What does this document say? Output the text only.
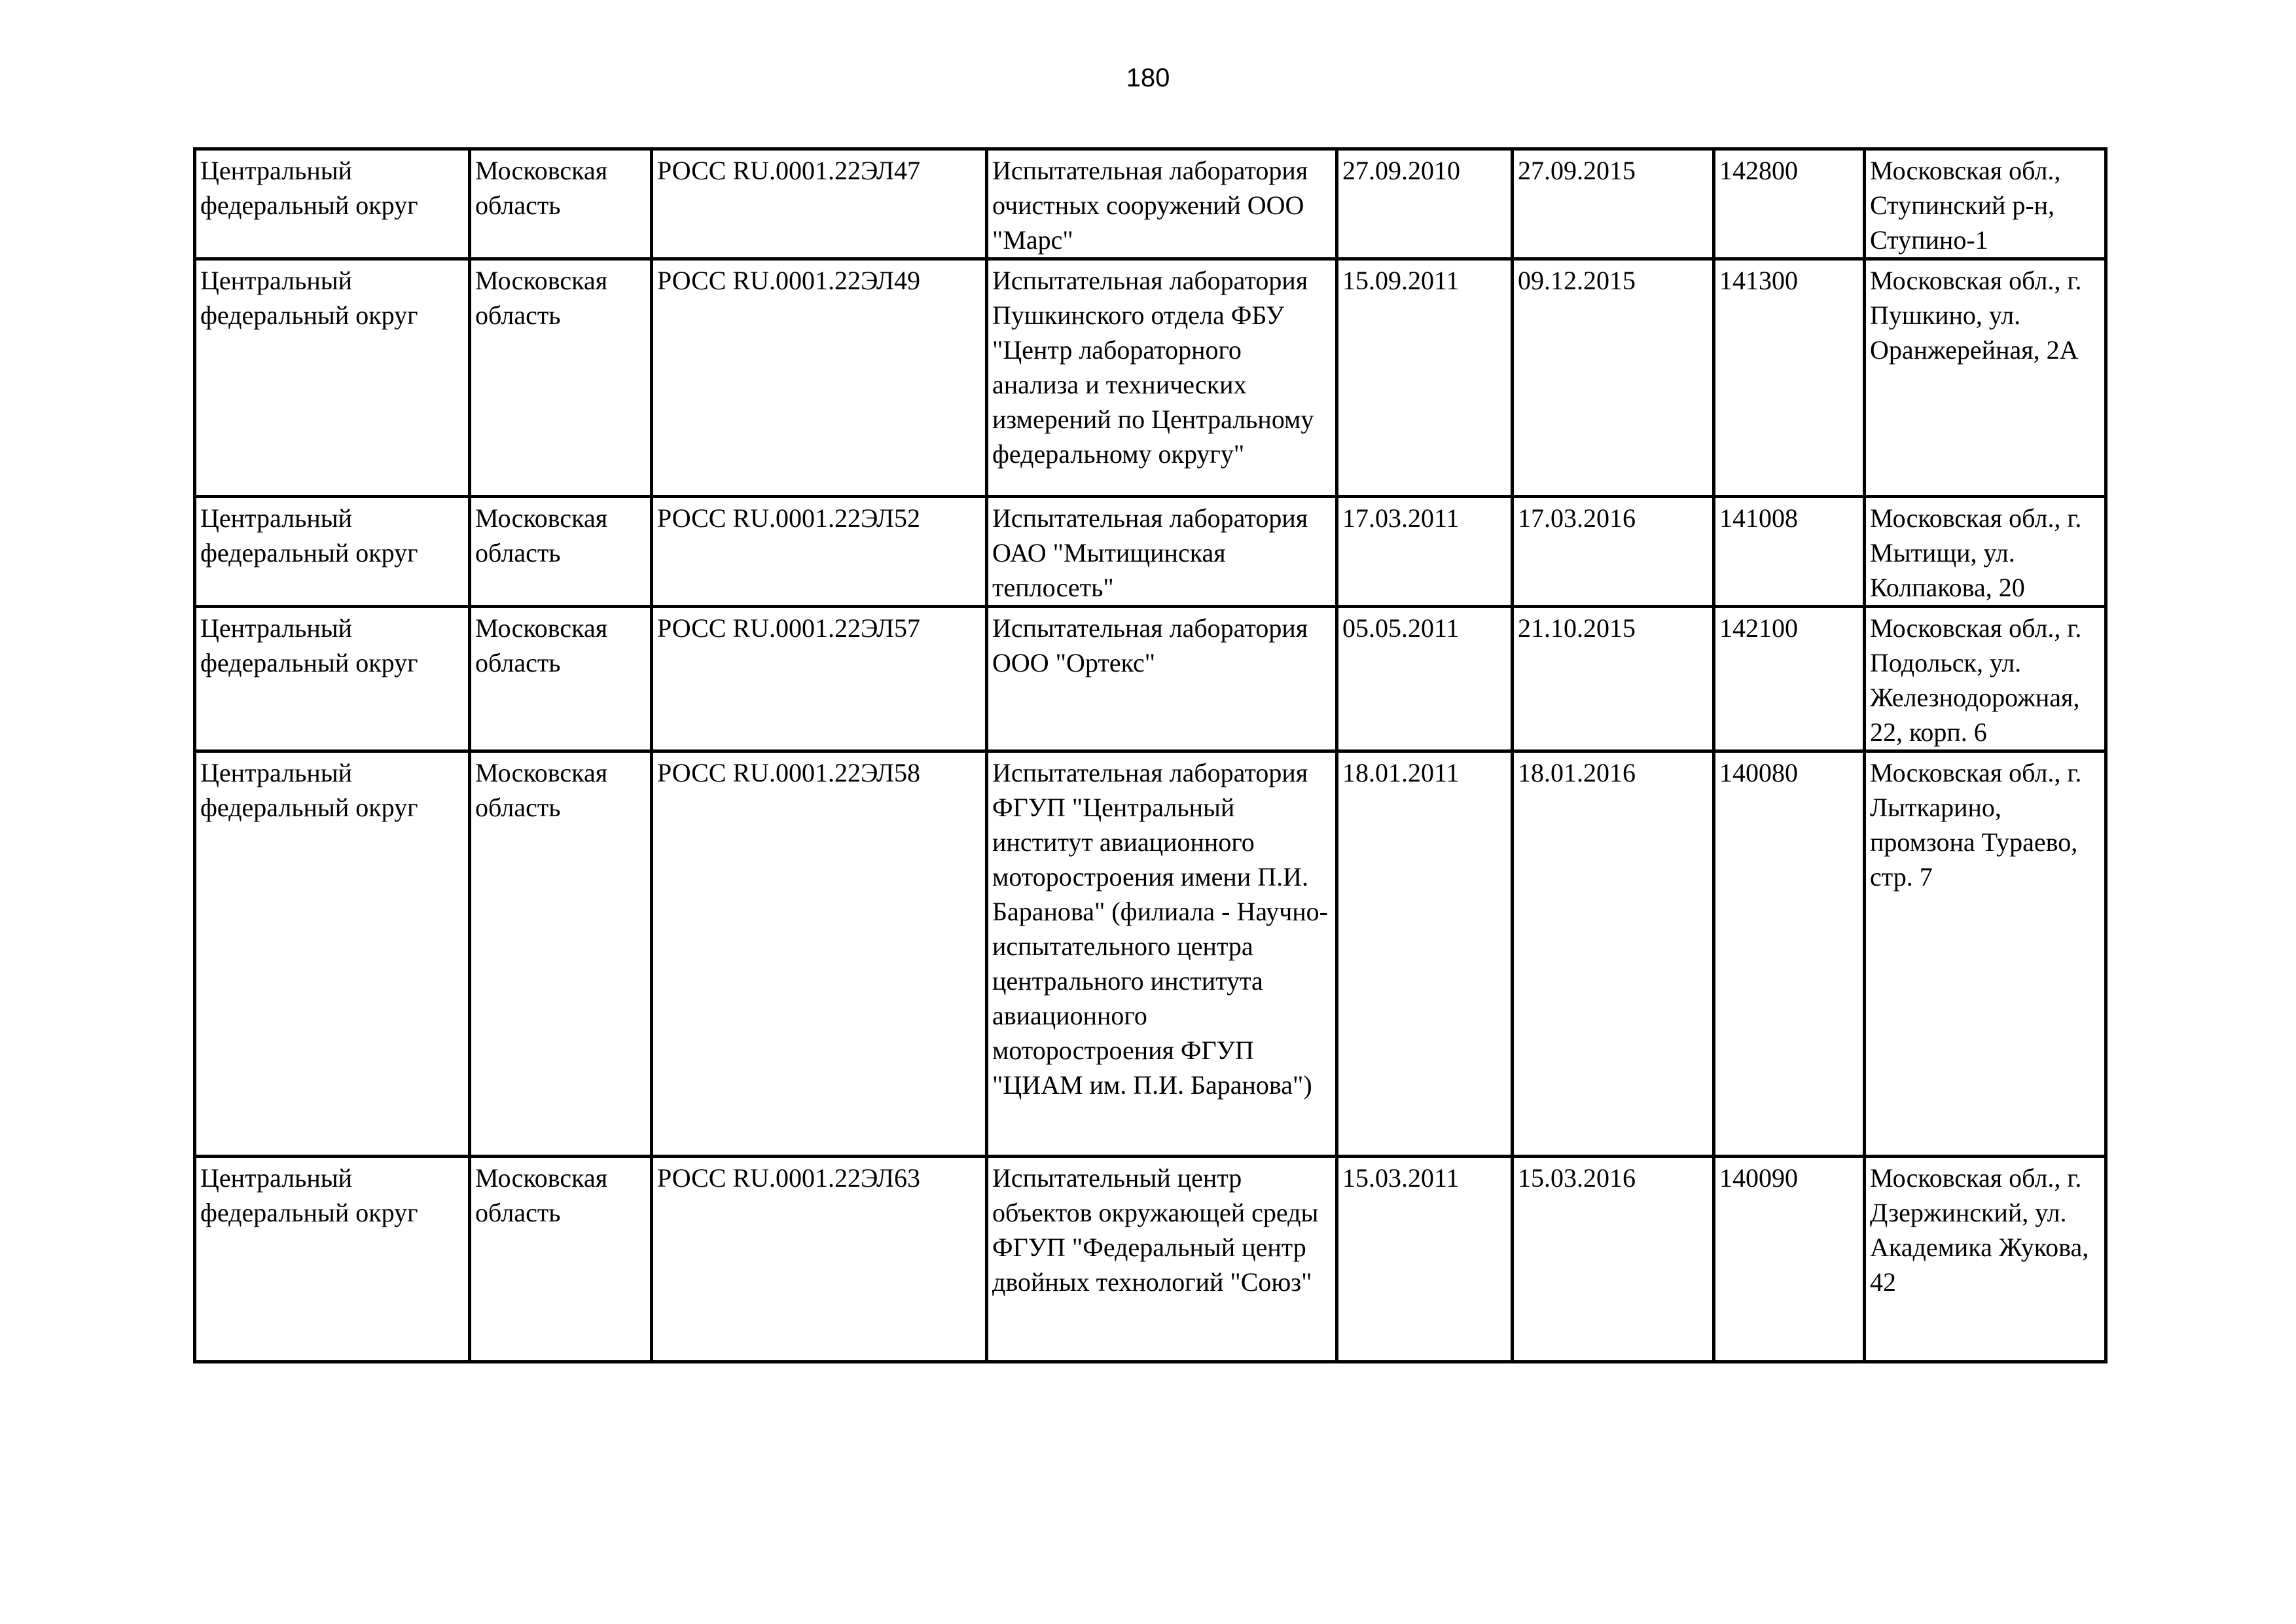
180
Центральный федеральный округ	Московская область	РОСС RU.0001.22ЭЛ47	Испытательная лаборатория очистных сооружений ООО "Марс"	27.09.2010	27.09.2015	142800	Московская обл., Ступинский р-н, Ступино-1

Центральный федеральный округ	Московская область	РОСС RU.0001.22ЭЛ49	Испытательная лаборатория Пушкинского отдела ФБУ "Центр лабораторного анализа и технических измерений по Центральному федеральному округу"	15.09.2011	09.12.2015	141300	Московская обл., г. Пушкино, ул. Оранжерейная, 2А

Центральный федеральный округ	Московская область	РОСС RU.0001.22ЭЛ52	Испытательная лаборатория ОАО "Мытищинская теплосеть"	17.03.2011	17.03.2016	141008	Московская обл., г. Мытищи, ул. Колпакова, 20

Центральный федеральный округ	Московская область	РОСС RU.0001.22ЭЛ57	Испытательная лаборатория ООО "Ортекс"	05.05.2011	21.10.2015	142100	Московская обл., г. Подольск, ул. Железнодорожная, 22, корп. 6

Центральный федеральный округ	Московская область	РОСС RU.0001.22ЭЛ58	Испытательная лаборатория ФГУП "Центральный институт авиационного моторостроения имени П.И. Баранова" (филиала - Научно-испытательного центра центрального института авиационного моторостроения ФГУП "ЦИАМ им. П.И. Баранова")	18.01.2011	18.01.2016	140080	Московская обл., г. Лыткарино, промзона Тураево, стр. 7

Центральный федеральный округ	Московская область	РОСС RU.0001.22ЭЛ63	Испытательный центр объектов окружающей среды ФГУП "Федеральный центр двойных технологий "Союз"	15.03.2011	15.03.2016	140090	Московская обл., г. Дзержинский, ул. Академика Жукова, 42
